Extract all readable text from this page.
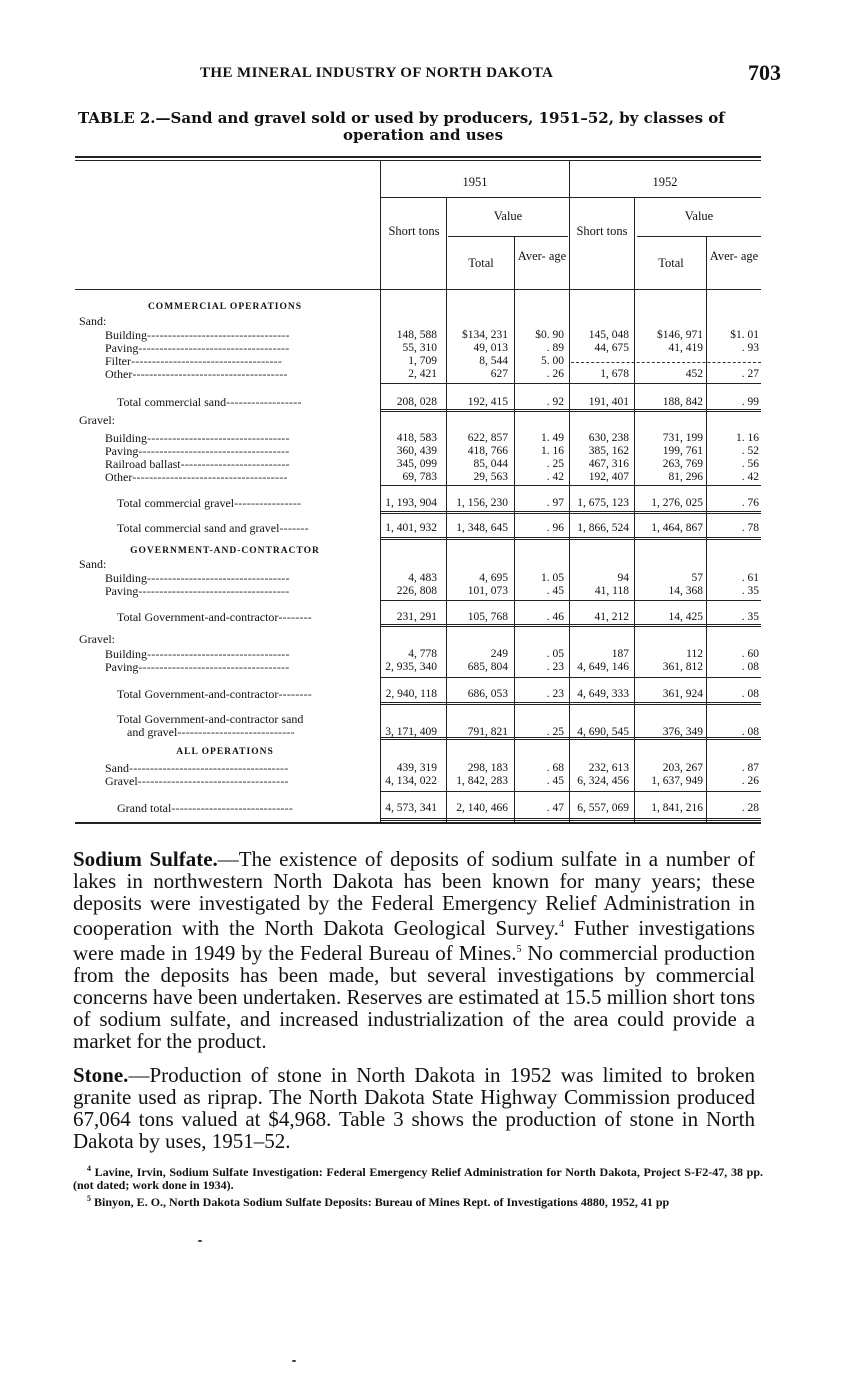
THE MINERAL INDUSTRY OF NORTH DAKOTA	703
TABLE 2.—Sand and gravel sold or used by producers, 1951–52, by classes of
operation and uses
1951	1952
Short tons
Value
Total	Aver- age
Short tons
Value
Total	Aver- age
COMMERCIAL OPERATIONS
Sand:
Building----------------------------------	148, 588	$134, 231	$0. 90	145, 048	$146, 971	$1. 01
Paving------------------------------------	55, 310	49, 013	. 89	44, 675	41, 419	. 93
Filter------------------------------------	1, 709	8, 544	5. 00
Other-------------------------------------	2, 421	627	. 26	1, 678	452	. 27
Total commercial sand------------------	208, 028	192, 415	. 92	191, 401	188, 842	. 99
Gravel:
Building----------------------------------	418, 583	622, 857	1. 49	630, 238	731, 199	1. 16
Paving------------------------------------	360, 439	418, 766	1. 16	385, 162	199, 761	. 52
Railroad ballast--------------------------	345, 099	85, 044	. 25	467, 316	263, 769	. 56
Other-------------------------------------	69, 783	29, 563	. 42	192, 407	81, 296	. 42
Total commercial gravel----------------	1, 193, 904	1, 156, 230	. 97	1, 675, 123	1, 276, 025	. 76
Total commercial sand and gravel-------	1, 401, 932	1, 348, 645	. 96	1, 866, 524	1, 464, 867	. 78
GOVERNMENT-AND-CONTRACTOR
Sand:
Building----------------------------------	4, 483	4, 695	1. 05	94	57	. 61
Paving------------------------------------	226, 808	101, 073	. 45	41, 118	14, 368	. 35
Total Government-and-contractor--------	231, 291	105, 768	. 46	41, 212	14, 425	. 35
Gravel:
Building----------------------------------	4, 778	249	. 05	187	112	. 60
Paving------------------------------------	2, 935, 340	685, 804	. 23	4, 649, 146	361, 812	. 08
Total Government-and-contractor--------	2, 940, 118	686, 053	. 23	4, 649, 333	361, 924	. 08
Total Government-and-contractor sand
and gravel----------------------------	3, 171, 409	791, 821	. 25	4, 690, 545	376, 349	. 08
ALL OPERATIONS
Sand--------------------------------------	439, 319	298, 183	. 68	232, 613	203, 267	. 87
Gravel------------------------------------	4, 134, 022	1, 842, 283	. 45	6, 324, 456	1, 637, 949	. 26
Grand total-----------------------------	4, 573, 341	2, 140, 466	. 47	6, 557, 069	1, 841, 216	. 28
Sodium Sulfate.—The existence of deposits of sodium sulfate in a number of lakes in northwestern North Dakota has been known for many years; these deposits were investigated by the Federal Emergency Relief Administration in cooperation with the North Dakota Geological Survey.$^4$ Futher investigations were made in 1949 by the Federal Bureau of Mines.$^5$ No commercial production from the deposits has been made, but several investigations by commercial concerns have been undertaken. Reserves are estimated at 15.5 million short tons of sodium sulfate, and increased industrialization of the area could provide a market for the product.
Stone.—Production of stone in North Dakota in 1952 was limited to broken granite used as riprap. The North Dakota State Highway Commission produced 67,064 tons valued at $4,968. Table 3 shows the production of stone in North Dakota by uses, 1951–52.

$^4$ Lavine, Irvin, Sodium Sulfate Investigation: Federal Emergency Relief Administration for North Dakota, Project S-F2-47, 38 pp. (not dated; work done in 1934).

$^5$ Binyon, E. O., North Dakota Sodium Sulfate Deposits: Bureau of Mines Rept. of Investigations 4880, 1952, 41 pp
